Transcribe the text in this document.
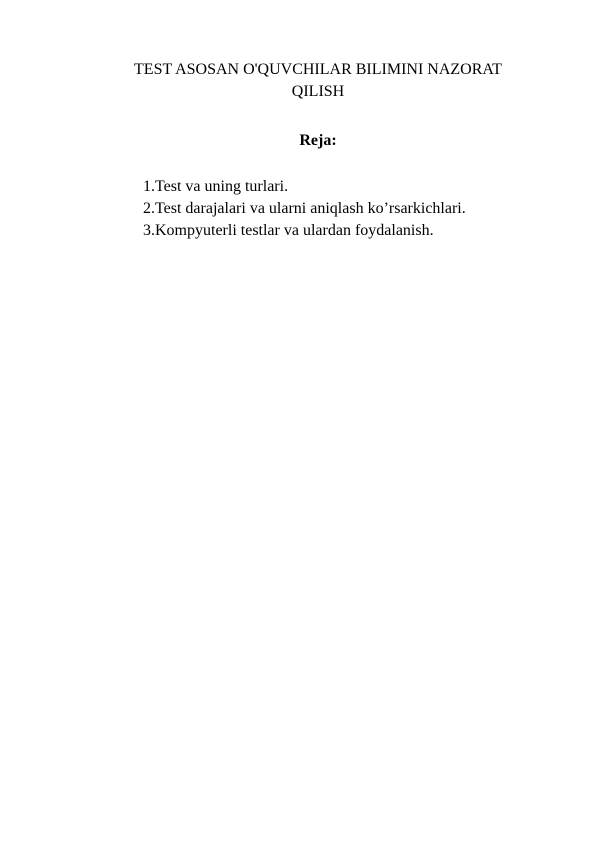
TEST ASOSAN O'QUVCHILAR BILIMINI NAZORAT
QILISH
Reja:
1.Test va uning turlari.
2.Test darajalari va ularni aniqlash ko’rsarkichlari.
3.Kompyuterli testlar va ulardan foydalanish.
